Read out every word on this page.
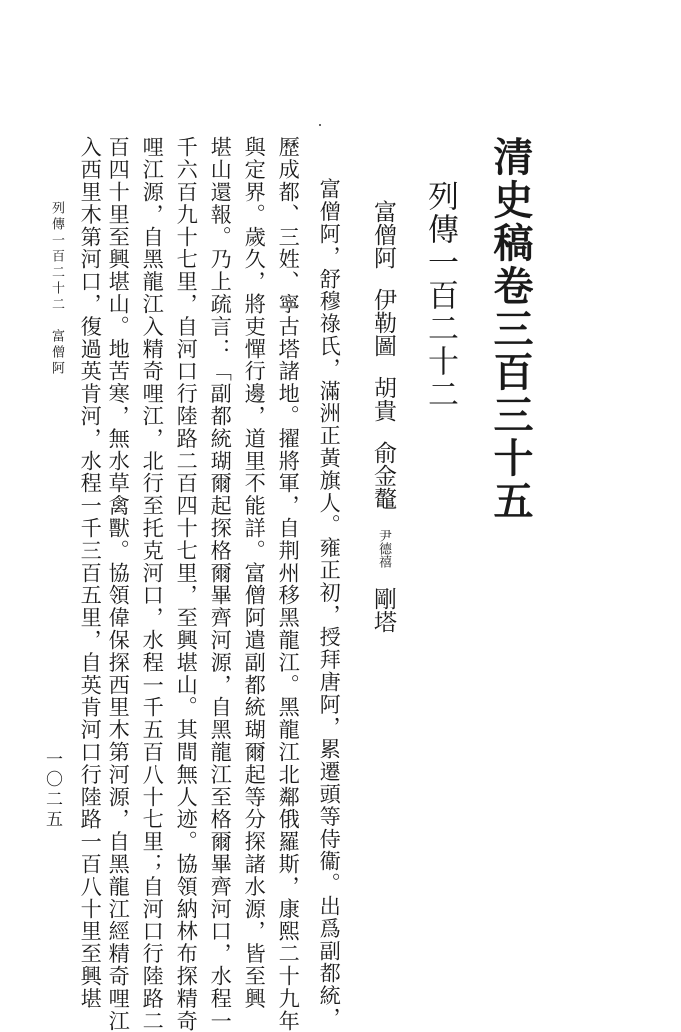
清史稿卷三百三十五
列傳一百二十二
富僧阿伊勒圖胡貴俞金鼇尹德禧剛塔
富僧阿，舒穆祿氏，滿洲正黃旗人。雍正初，授拜唐阿，累遷頭等侍衞。出爲副都統，
歷成都、三姓、寧古塔諸地。擢將軍，自荆州移黑龍江。黑龍江北鄰俄羅斯，康熙二十九年
與定界。歲久，將吏憚行邊，道里不能詳。富僧阿遣副都統瑚爾起等分探諸水源，皆至興
堪山還報。乃上疏言：「副都統瑚爾起探格爾畢齊河源，自黑龍江至格爾畢齊河口，水程一
千六百九十七里，自河口行陸路二百四十七里，至興堪山。其間無人迹。協領納林布探精奇
哩江源，自黑龍江入精奇哩江，北行至托克河口，水程一千五百八十七里；自河口行陸路二
百四十里至興堪山。地苦寒，無水草禽獸。協領偉保探西里木第河源，自黑龍江經精奇哩江
入西里木第河口，復過英肯河，水程一千三百五里，自英肯河口行陸路一百八十里至興堪
列傳一百二十二　富僧阿
一〇二五
